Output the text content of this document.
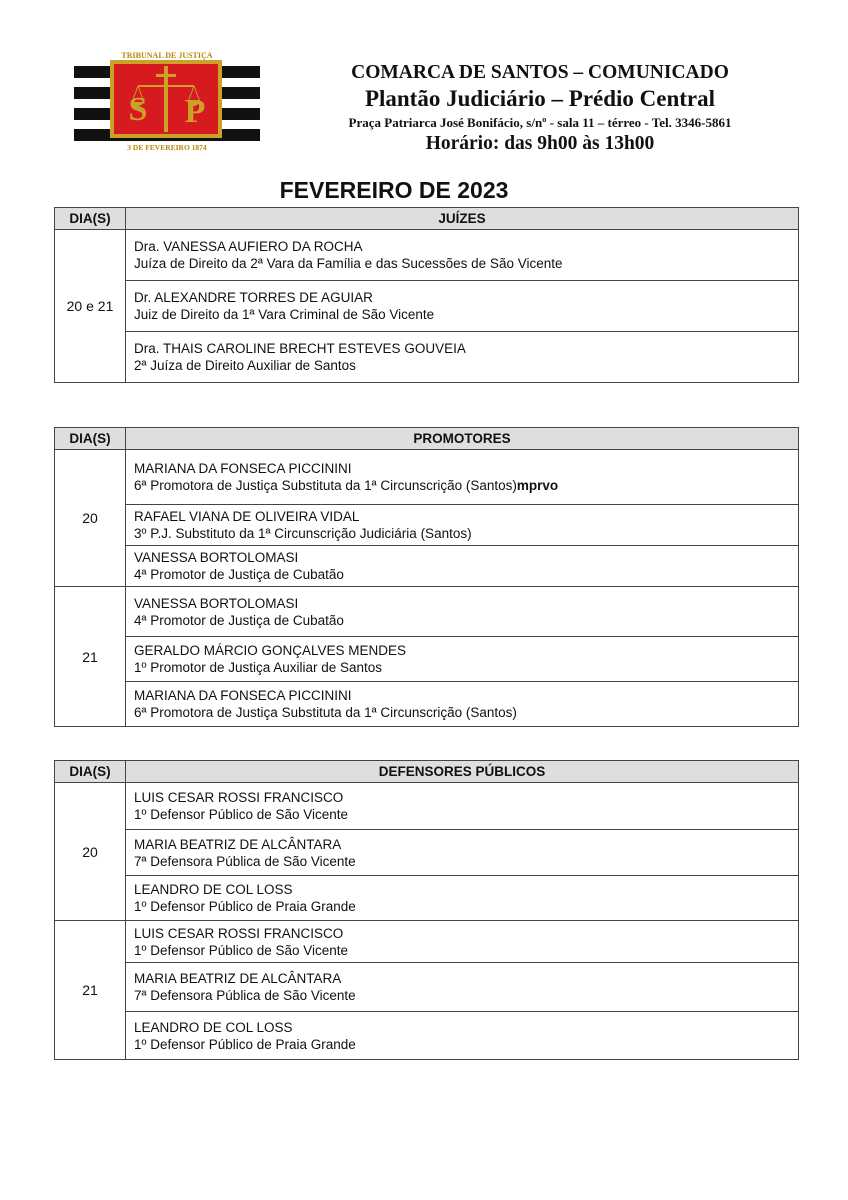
S P
TRIBUNAL DE JUSTIÇA
3 DE FEVEREIRO 1874
COMARCA DE SANTOS – COMUNICADO
Plantão Judiciário – Prédio Central
Praça Patriarca José Bonifácio, s/nº - sala 11 – térreo - Tel. 3346-5861
Horário: das 9h00 às 13h00
FEVEREIRO DE 2023
DIA(S)	JUÍZES
20 e 21	Dra. VANESSA AUFIERO DA ROCHA
Juíza de Direito da 2ª Vara da Família e das Sucessões de São Vicente

	Dr. ALEXANDRE TORRES DE AGUIAR
Juiz de Direito da 1ª Vara Criminal de São Vicente

	Dra. THAIS CAROLINE BRECHT ESTEVES GOUVEIA
2ª Juíza de Direito Auxiliar de Santos
DIA(S)	PROMOTORES
20	MARIANA DA FONSECA PICCININI
6ª Promotora de Justiça Substituta da 1ª Circunscrição (Santos)mprvo

	RAFAEL VIANA DE OLIVEIRA VIDAL
3º P.J. Substituto da 1ª Circunscrição Judiciária (Santos)

	VANESSA BORTOLOMASI
4ª Promotor de Justiça de Cubatão

21	VANESSA BORTOLOMASI
4ª Promotor de Justiça de Cubatão

	GERALDO MÁRCIO GONÇALVES MENDES
1º Promotor de Justiça Auxiliar de Santos

	MARIANA DA FONSECA PICCININI
6ª Promotora de Justiça Substituta da 1ª Circunscrição (Santos)
DIA(S)	DEFENSORES PÚBLICOS
20	LUIS CESAR ROSSI FRANCISCO
1º Defensor Público de São Vicente

	MARIA BEATRIZ DE ALCÂNTARA
7ª Defensora Pública de São Vicente

	LEANDRO DE COL LOSS
1º Defensor Público de Praia Grande

21	LUIS CESAR ROSSI FRANCISCO
1º Defensor Público de São Vicente

	MARIA BEATRIZ DE ALCÂNTARA
7ª Defensora Pública de São Vicente

	LEANDRO DE COL LOSS
1º Defensor Público de Praia Grande
